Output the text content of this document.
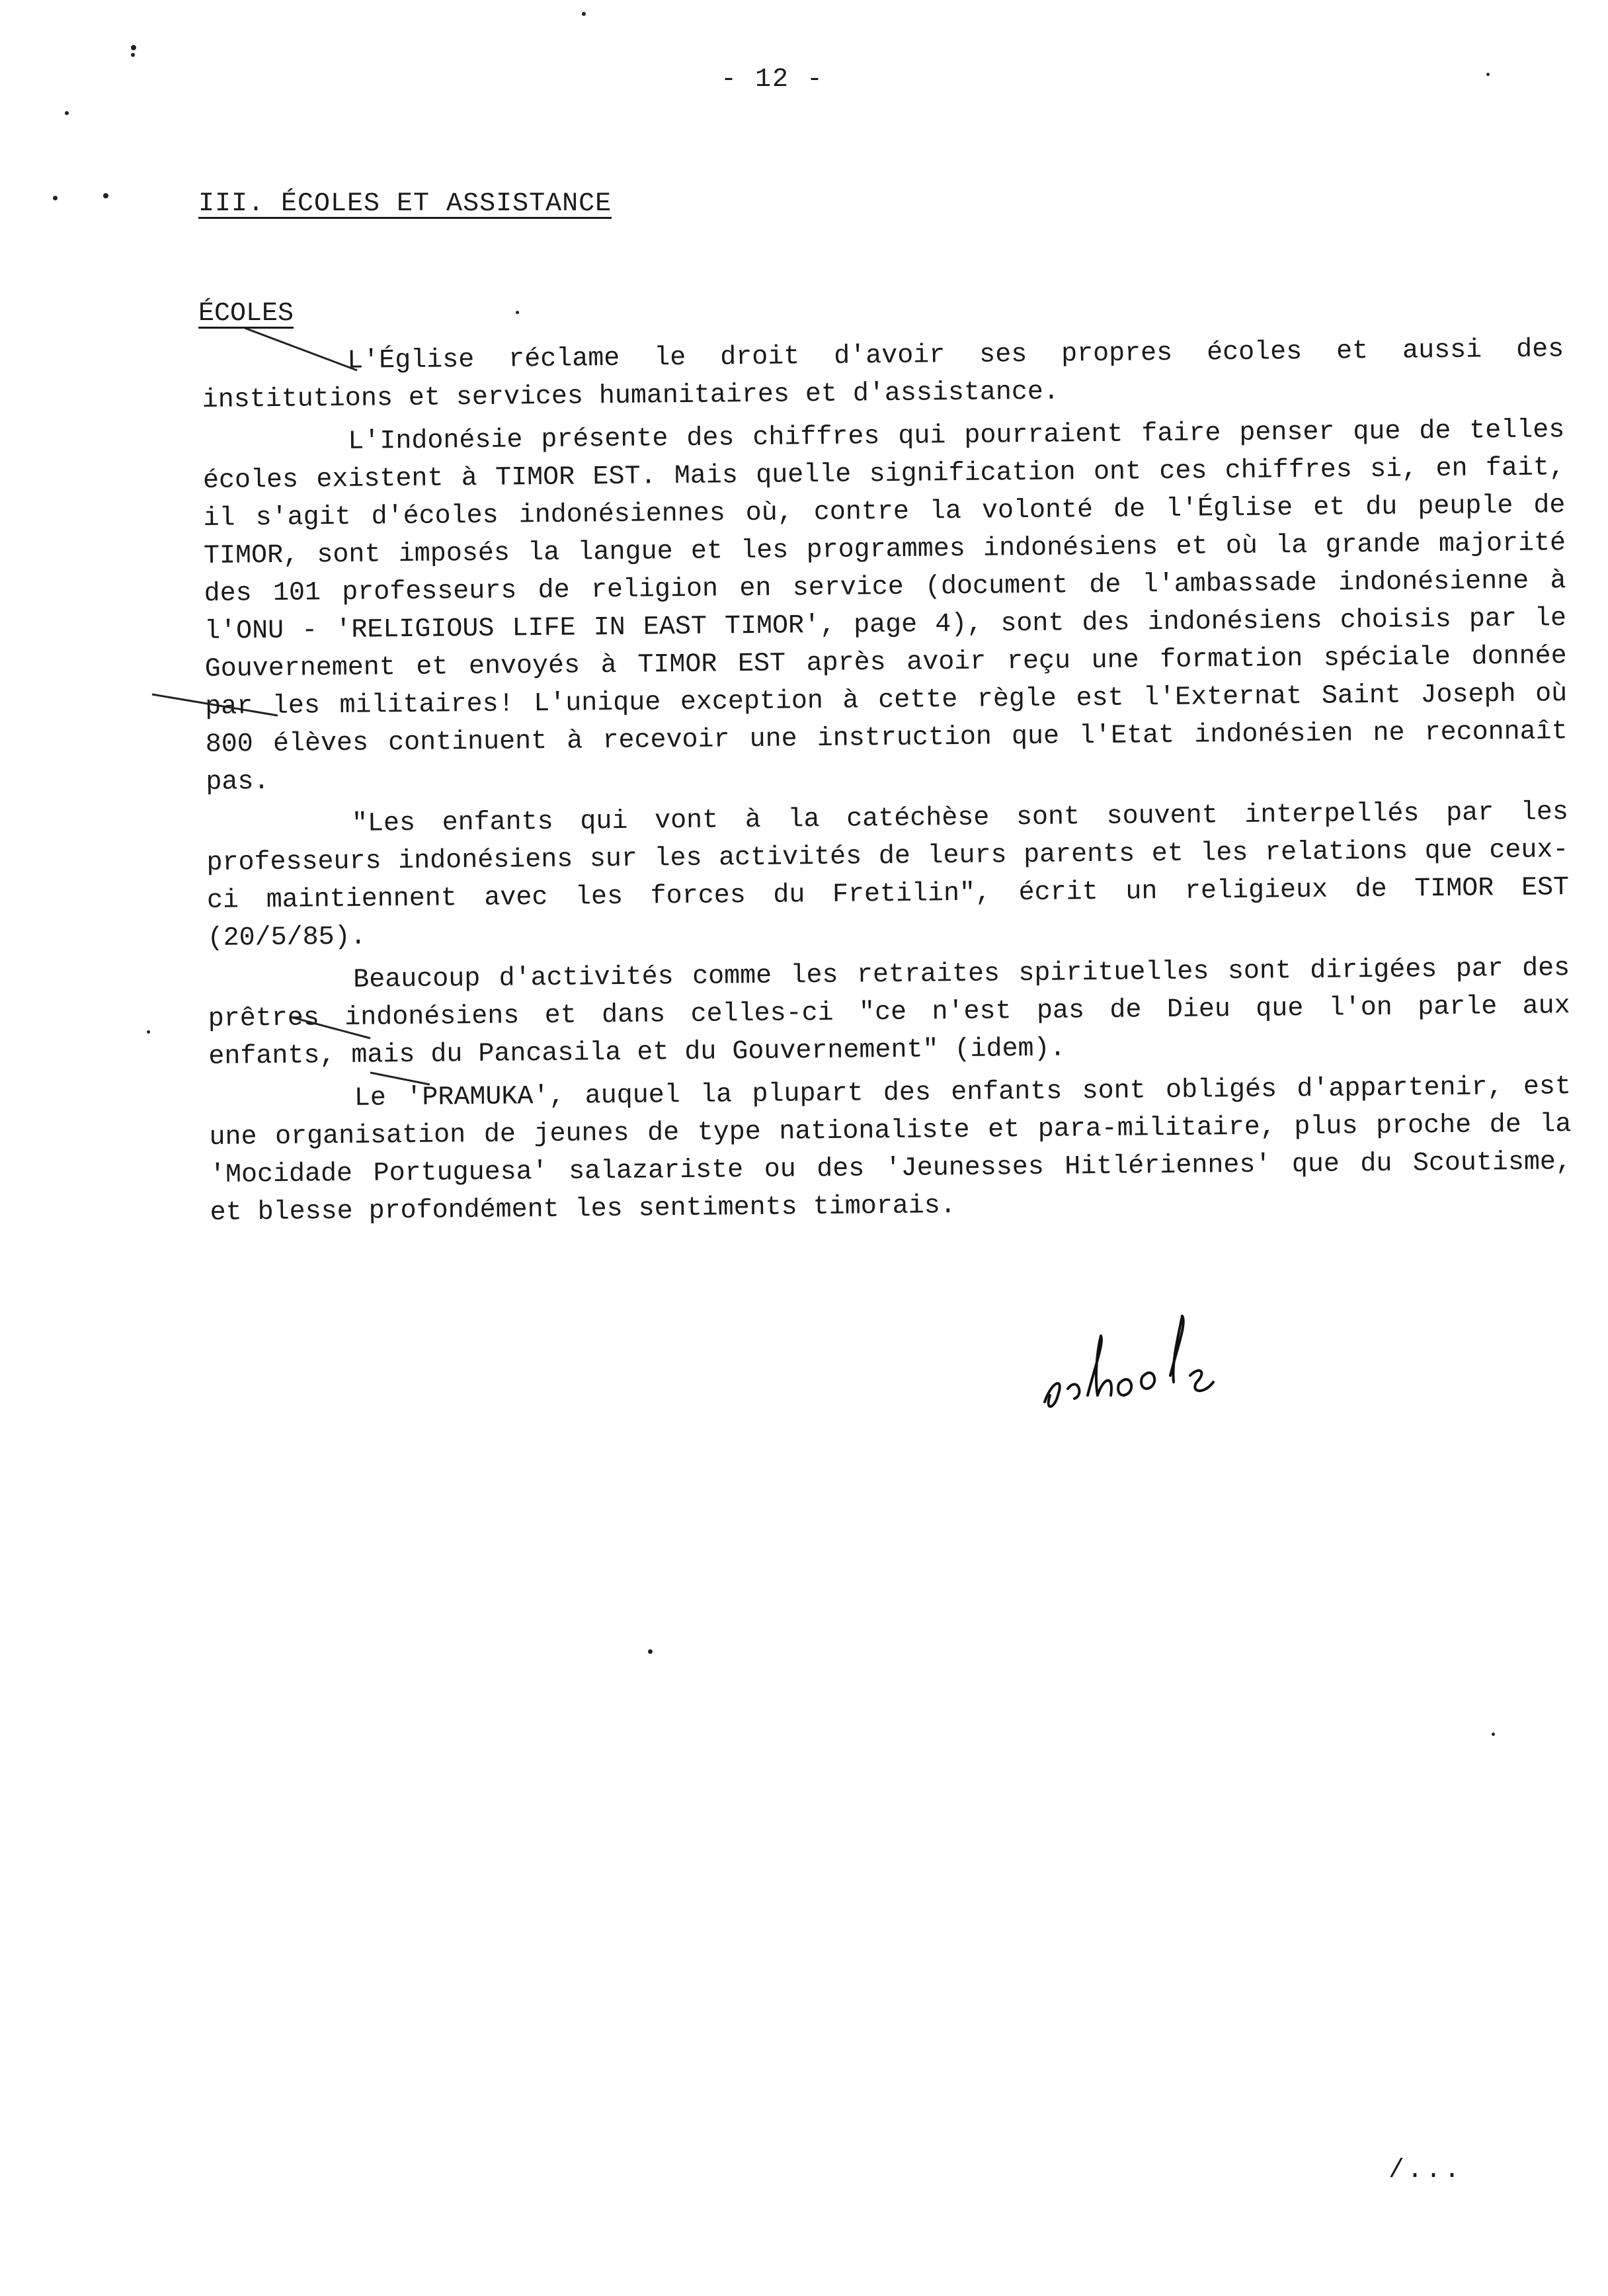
- 12 -
III. ÉCOLES ET ASSISTANCE
ÉCOLES

L'Église réclame le droit d'avoir ses propres écoles et aussi des institutions et services humanitaires et d'assistance.

L'Indonésie présente des chiffres qui pourraient faire penser que de telles écoles existent à TIMOR EST. Mais quelle signification ont ces chiffres si, en fait, il s'agit d'écoles indonésiennes où, contre la volonté de l'Église et du peuple de TIMOR, sont imposés la langue et les programmes indonésiens et où la grande majorité des 101 professeurs de religion en service (document de l'ambassade indonésienne à l'ONU - 'RELIGIOUS LIFE IN EAST TIMOR', page 4), sont des indonésiens choisis par le Gouvernement et envoyés à TIMOR EST après avoir reçu une formation spéciale donnée par les militaires! L'unique exception à cette règle est l'Externat Saint Joseph où 800 élèves continuent à recevoir une instruction que l'Etat indonésien ne reconnaît pas.

"Les enfants qui vont à la catéchèse sont souvent interpellés par les professeurs indonésiens sur les activités de leurs parents et les relations que ceux-ci maintiennent avec les forces du Fretilin", écrit un religieux de TIMOR EST (20/5/85).

Beaucoup d'activités comme les retraites spirituelles sont dirigées par des prêtres indonésiens et dans celles-ci "ce n'est pas de Dieu que l'on parle aux enfants, mais du Pancasila et du Gouvernement" (idem).

Le 'PRAMUKA', auquel la plupart des enfants sont obligés d'appartenir, est une organisation de jeunes de type nationaliste et para-militaire, plus proche de la 'Mocidade Portuguesa' salazariste ou des 'Jeunesses Hitlériennes' que du Scoutisme, et blesse profondément les sentiments timorais.

/...
